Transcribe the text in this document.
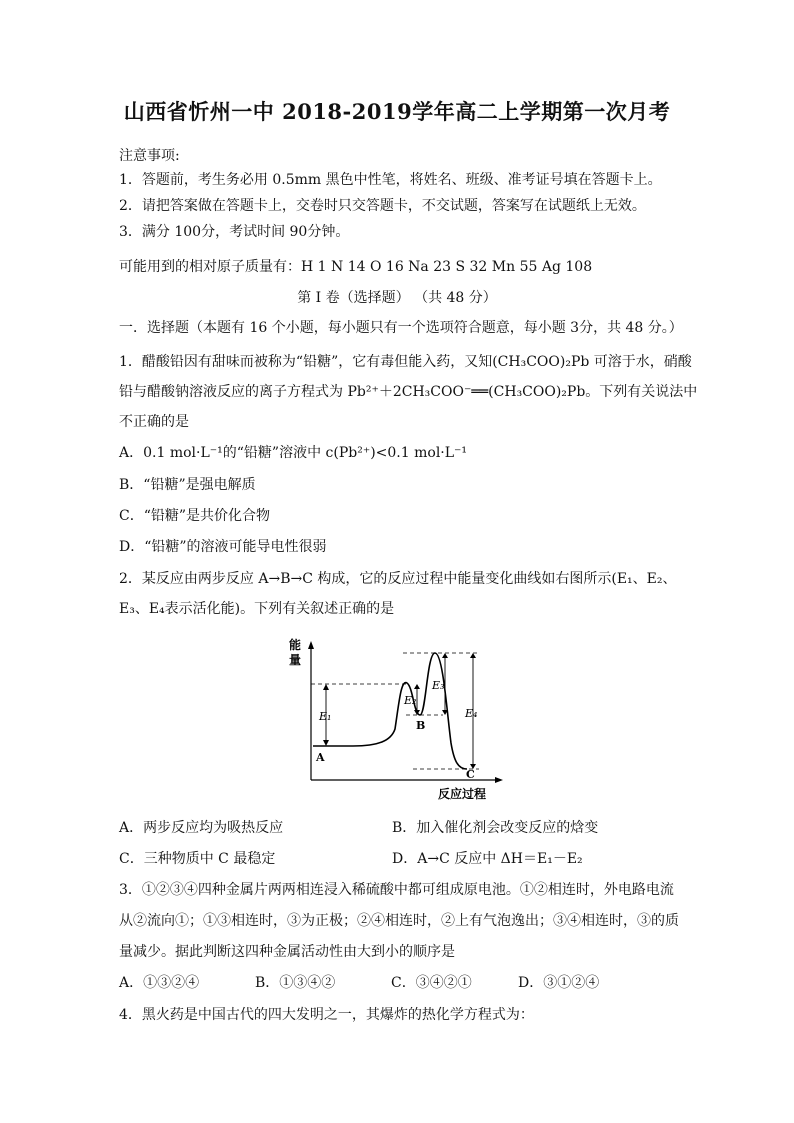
山西省忻州一中 2018-2019学年高二上学期第一次月考
注意事项:
1．答题前，考生务必用 0.5mm 黑色中性笔，将姓名、班级、准考证号填在答题卡上。
2．请把答案做在答题卡上，交卷时只交答题卡，不交试题，答案写在试题纸上无效。
3．满分 100分，考试时间 90分钟。
可能用到的相对原子质量有：H 1 N 14 O 16 Na 23 S 32 Mn 55 Ag 108
第 I 卷（选择题） （共 48 分）
一．选择题（本题有 16 个小题，每小题只有一个选项符合题意，每小题 3分，共 48 分。）
1．醋酸铅因有甜味而被称为“铅糖”，它有毒但能入药，又知(CH₃COO)₂Pb 可溶于水，硝酸
铅与醋酸钠溶液反应的离子方程式为 Pb²⁺＋2CH₃COO⁻══(CH₃COO)₂Pb。下列有关说法中
不正确的是
A．0.1 mol·L⁻¹的“铅糖”溶液中 c(Pb²⁺)<0.1 mol·L⁻¹
B．“铅糖”是强电解质
C．“铅糖”是共价化合物
D．“铅糖”的溶液可能导电性很弱
2．某反应由两步反应 A→B→C 构成，它的反应过程中能量变化曲线如右图所示(E₁、E₂、
E₃、E₄表示活化能)。下列有关叙述正确的是
能
量
反应过程
E₁
E₂
E₃
E₄
A
B
C
A．两步反应均为吸热反应	B．加入催化剂会改变反应的焓变
C．三种物质中 C 最稳定	D．A→C 反应中 ΔH＝E₁－E₂
3．①②③④四种金属片两两相连浸入稀硫酸中都可组成原电池。①②相连时，外电路电流
从②流向①；①③相连时，③为正极；②④相连时，②上有气泡逸出；③④相连时，③的质
量减少。据此判断这四种金属活动性由大到小的顺序是
A．①③②④	B．①③④②	C．③④②①	D．③①②④
4．黑火药是中国古代的四大发明之一，其爆炸的热化学方程式为：
